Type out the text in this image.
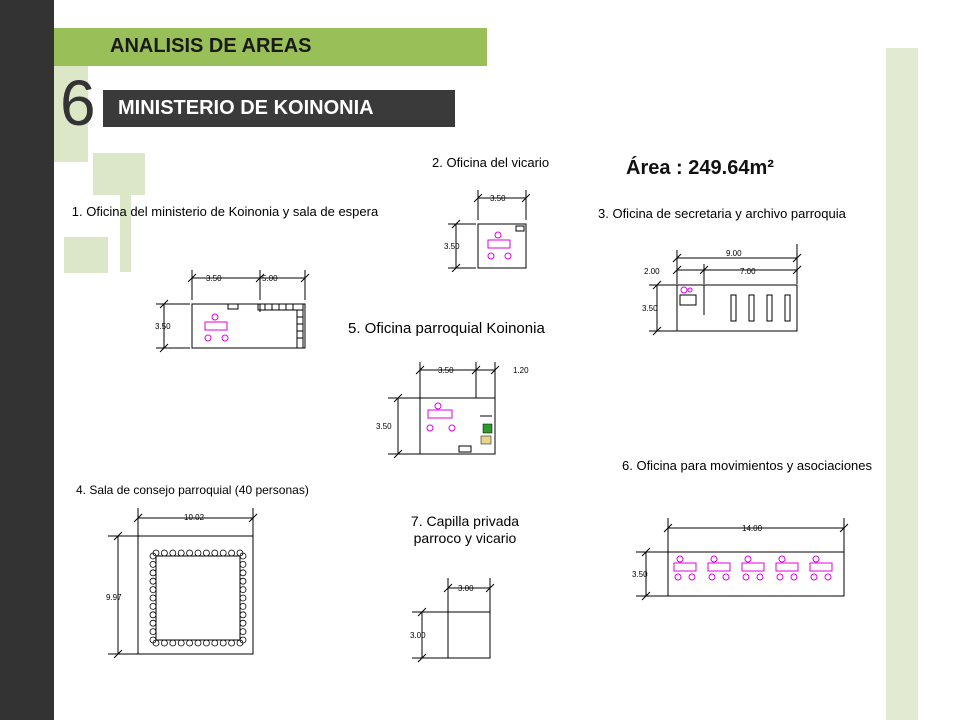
ANALISIS DE AREAS
6 MINISTERIO DE KOINONIA
Área : 249.64m²
1. Oficina del ministerio de Koinonia y sala de espera
2. Oficina del vicario
3. Oficina de secretaria y archivo parroquia
4. Sala de consejo parroquial (40 personas)
5. Oficina parroquial Koinonia
6. Oficina para movimientos y asociaciones
7. Capilla privada
parroco y vicario
3.50	5.00
3.50
3.50
3.50
9.00
2.00	7.00
3.50
3.50	1.20
3.50
10.02
9.97
3.00
3.00
14.00
3.50
